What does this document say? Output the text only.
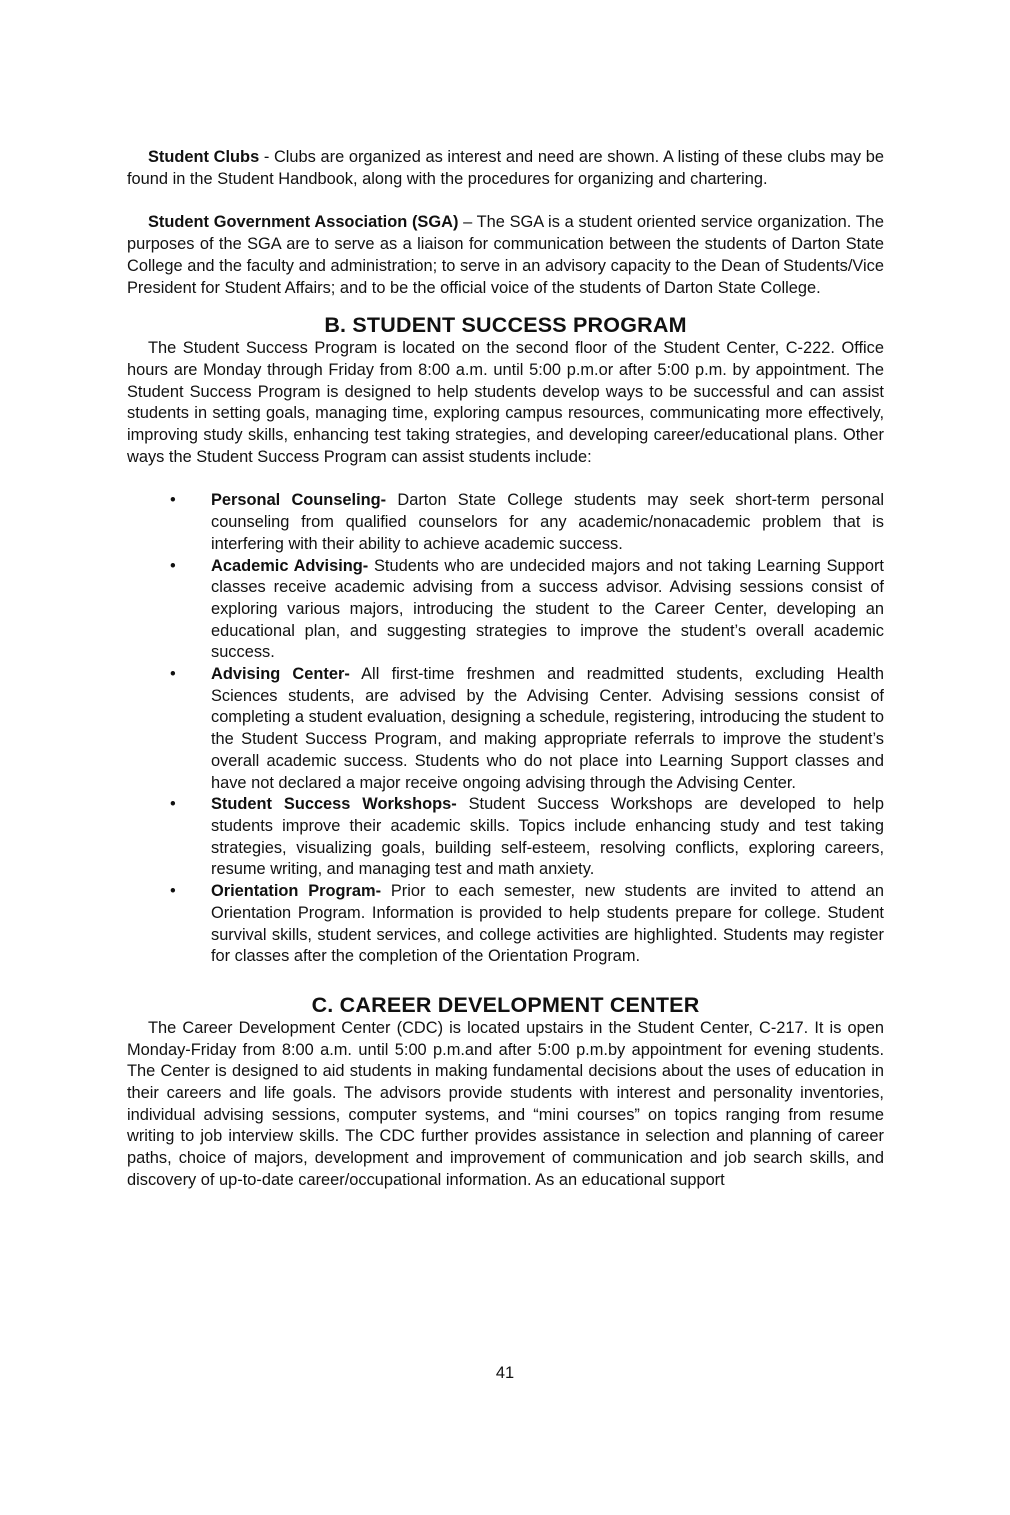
Student Clubs - Clubs are organized as interest and need are shown. A listing of these clubs may be found in the Student Handbook, along with the procedures for organizing and chartering.

Student Government Association (SGA) – The SGA is a student oriented service organization. The purposes of the SGA are to serve as a liaison for communication between the students of Darton State College and the faculty and administration; to serve in an advisory capacity to the Dean of Students/Vice President for Student Affairs; and to be the official voice of the students of Darton State College.

B. STUDENT SUCCESS PROGRAM

The Student Success Program is located on the second floor of the Student Center, C-222. Office hours are Monday through Friday from 8:00 a.m. until 5:00 p.m.or after 5:00 p.m. by appointment. The Student Success Program is designed to help students develop ways to be successful and can assist students in setting goals, managing time, exploring campus resources, communicating more effectively, improving study skills, enhancing test taking strategies, and developing career/educational plans. Other ways the Student Success Program can assist students include:

• Personal Counseling- Darton State College students may seek short-term personal counseling from qualified counselors for any academic/nonacademic problem that is interfering with their ability to achieve academic success.
• Academic Advising- Students who are undecided majors and not taking Learning Support classes receive academic advising from a success advisor. Advising sessions consist of exploring various majors, introducing the student to the Career Center, developing an educational plan, and suggesting strategies to improve the student’s overall academic success.
• Advising Center- All first-time freshmen and readmitted students, excluding Health Sciences students, are advised by the Advising Center. Advising sessions consist of completing a student evaluation, designing a schedule, registering, introducing the student to the Student Success Program, and making appropriate referrals to improve the student’s overall academic success. Students who do not place into Learning Support classes and have not declared a major receive ongoing advising through the Advising Center.
• Student Success Workshops- Student Success Workshops are developed to help students improve their academic skills. Topics include enhancing study and test taking strategies, visualizing goals, building self-esteem, resolving conflicts, exploring careers, resume writing, and managing test and math anxiety.
• Orientation Program- Prior to each semester, new students are invited to attend an Orientation Program. Information is provided to help students prepare for college. Student survival skills, student services, and college activities are highlighted. Students may register for classes after the completion of the Orientation Program.
C. CAREER DEVELOPMENT CENTER

The Career Development Center (CDC) is located upstairs in the Student Center, C-217. It is open Monday-Friday from 8:00 a.m. until 5:00 p.m.and after 5:00 p.m.by appointment for evening students. The Center is designed to aid students in making fundamental decisions about the uses of education in their careers and life goals. The advisors provide students with interest and personality inventories, individual advising sessions, computer systems, and “mini courses” on topics ranging from resume writing to job interview skills. The CDC further provides assistance in selection and planning of career paths, choice of majors, development and improvement of communication and job search skills, and discovery of up-to-date career/occupational information. As an educational support

41
